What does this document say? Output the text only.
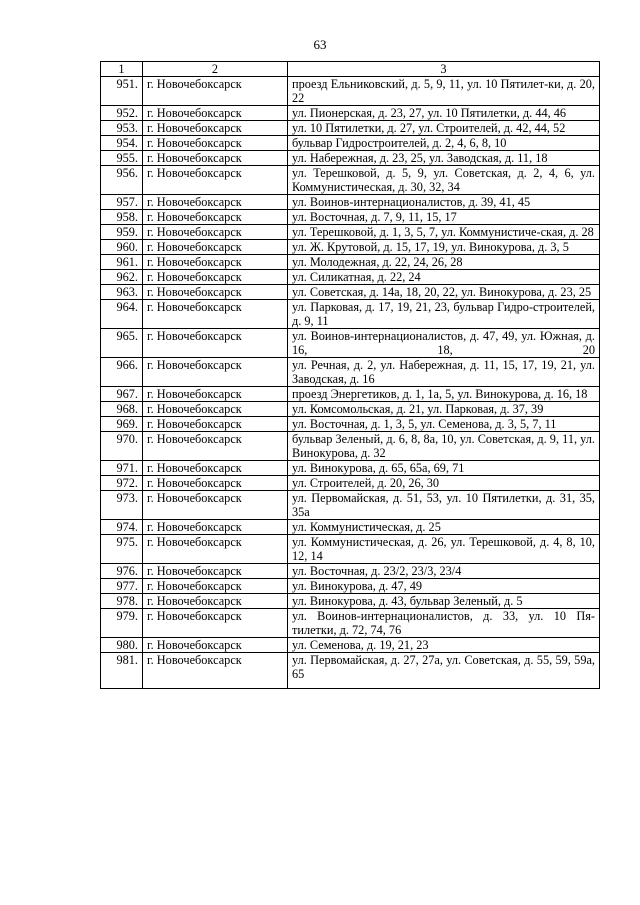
63
1	2	3
951.	г. Новочебоксарск	проезд Ельниковский, д. 5, 9, 11, ул. 10 Пятилет-ки, д. 20, 22
952.	г. Новочебоксарск	ул. Пионерская, д. 23, 27, ул. 10 Пятилетки, д. 44, 46
953.	г. Новочебоксарск	ул. 10 Пятилетки, д. 27, ул. Строителей, д. 42, 44, 52
954.	г. Новочебоксарск	бульвар Гидростроителей, д. 2, 4, 6, 8, 10
955.	г. Новочебоксарск	ул. Набережная, д. 23, 25, ул. Заводская, д. 11, 18
956.	г. Новочебоксарск	ул. Терешковой, д. 5, 9, ул. Советская, д. 2, 4, 6, ул. Коммунистическая, д. 30, 32, 34
957.	г. Новочебоксарск	ул. Воинов-интернационалистов, д. 39, 41, 45
958.	г. Новочебоксарск	ул. Восточная, д. 7, 9, 11, 15, 17
959.	г. Новочебоксарск	ул. Терешковой, д. 1, 3, 5, 7, ул. Коммунистиче-ская, д. 28
960.	г. Новочебоксарск	ул. Ж. Крутовой, д. 15, 17, 19, ул. Винокурова, д. 3, 5
961.	г. Новочебоксарск	ул. Молодежная, д. 22, 24, 26, 28
962.	г. Новочебоксарск	ул. Силикатная, д. 22, 24
963.	г. Новочебоксарск	ул. Советская, д. 14а, 18, 20, 22, ул. Винокурова, д. 23, 25
964.	г. Новочебоксарск	ул. Парковая, д. 17, 19, 21, 23, бульвар Гидро-строителей, д. 9, 11
965.	г. Новочебоксарск	ул. Воинов-интернационалистов, д. 47, 49, ул. Южная, д. 16, 18, 20
966.	г. Новочебоксарск	ул. Речная, д. 2, ул. Набережная, д. 11, 15, 17, 19, 21, ул. Заводская, д. 16
967.	г. Новочебоксарск	проезд Энергетиков, д. 1, 1а, 5, ул. Винокурова, д. 16, 18
968.	г. Новочебоксарск	ул. Комсомольская, д. 21, ул. Парковая, д. 37, 39
969.	г. Новочебоксарск	ул. Восточная, д. 1, 3, 5, ул. Семенова, д. 3, 5, 7, 11
970.	г. Новочебоксарск	бульвар Зеленый, д. 6, 8, 8а, 10, ул. Советская, д. 9, 11, ул. Винокурова, д. 32
971.	г. Новочебоксарск	ул. Винокурова, д. 65, 65а, 69, 71
972.	г. Новочебоксарск	ул. Строителей, д. 20, 26, 30
973.	г. Новочебоксарск	ул. Первомайская, д. 51, 53, ул. 10 Пятилетки, д. 31, 35, 35а
974.	г. Новочебоксарск	ул. Коммунистическая, д. 25
975.	г. Новочебоксарск	ул. Коммунистическая, д. 26, ул. Терешковой, д. 4, 8, 10, 12, 14
976.	г. Новочебоксарск	ул. Восточная, д. 23/2, 23/3, 23/4
977.	г. Новочебоксарск	ул. Винокурова, д. 47, 49
978.	г. Новочебоксарск	ул. Винокурова, д. 43, бульвар Зеленый, д. 5
979.	г. Новочебоксарск	ул. Воинов-интернационалистов, д. 33, ул. 10 Пя-тилетки, д. 72, 74, 76
980.	г. Новочебоксарск	ул. Семенова, д. 19, 21, 23
981.	г. Новочебоксарск	ул. Первомайская, д. 27, 27а, ул. Советская, д. 55, 59, 59а, 65
